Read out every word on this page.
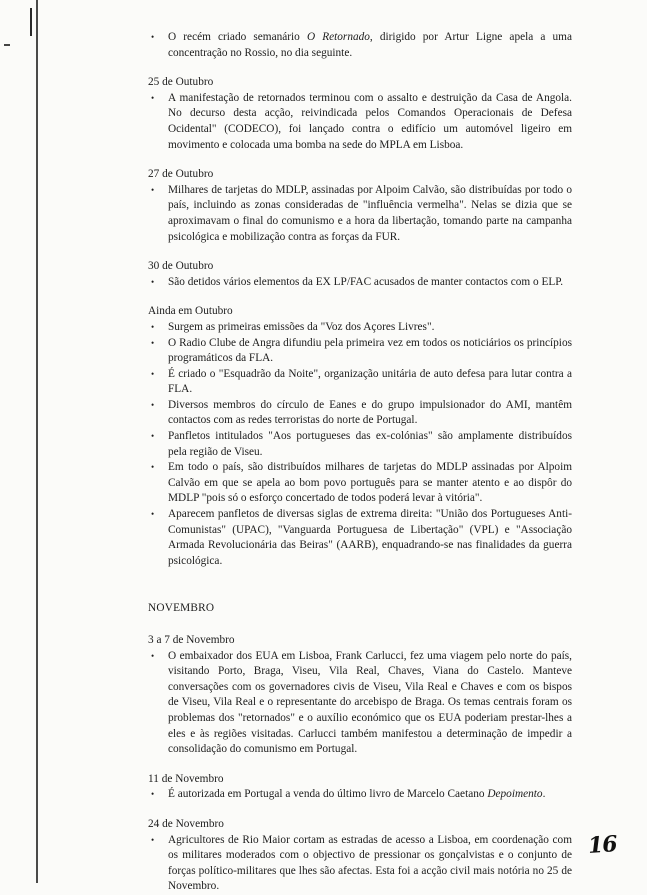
• O recém criado semanário O Retornado, dirigido por Artur Ligne apela a uma concentração no Rossio, no dia seguinte.

25 de Outubro

• A manifestação de retornados terminou com o assalto e destruição da Casa de Angola. No decurso desta acção, reivindicada pelos Comandos Operacionais de Defesa Ocidental" (CODECO), foi lançado contra o edifício um automóvel ligeiro em movimento e colocada uma bomba na sede do MPLA em Lisboa.

27 de Outubro

• Milhares de tarjetas do MDLP, assinadas por Alpoim Calvão, são distribuídas por todo o país, incluindo as zonas consideradas de "influência vermelha". Nelas se dizia que se aproximavam o final do comunismo e a hora da libertação, tomando parte na campanha psicológica e mobilização contra as forças da FUR.

30 de Outubro

• São detidos vários elementos da EX LP/FAC acusados de manter contactos com o ELP.

Ainda em Outubro

• Surgem as primeiras emissões da "Voz dos Açores Livres".
• O Radio Clube de Angra difundiu pela primeira vez em todos os noticiários os princípios programáticos da FLA.
• É criado o "Esquadrão da Noite", organização unitária de auto defesa para lutar contra a FLA.
• Diversos membros do círculo de Eanes e do grupo impulsionador do AMI, mantêm contactos com as redes terroristas do norte de Portugal.
• Panfletos intitulados "Aos portugueses das ex-colónias" são amplamente distribuídos pela região de Viseu.
• Em todo o país, são distribuídos milhares de tarjetas do MDLP assinadas por Alpoim Calvão em que se apela ao bom povo português para se manter atento e ao dispôr do MDLP "pois só o esforço concertado de todos poderá levar à vitória".
• Aparecem panfletos de diversas siglas de extrema direita: "União dos Portugueses Anti-Comunistas" (UPAC), "Vanguarda Portuguesa de Libertação" (VPL) e "Associação Armada Revolucionária das Beiras" (AARB), enquadrando-se nas finalidades da guerra psicológica.

NOVEMBRO

3 a 7 de Novembro

• O embaixador dos EUA em Lisboa, Frank Carlucci, fez uma viagem pelo norte do país, visitando Porto, Braga, Viseu, Vila Real, Chaves, Viana do Castelo. Manteve conversações com os governadores civis de Viseu, Vila Real e Chaves e com os bispos de Viseu, Vila Real e o representante do arcebispo de Braga. Os temas centrais foram os problemas dos "retornados" e o auxílio económico que os EUA poderiam prestar-lhes a eles e às regiões visitadas. Carlucci também manifestou a determinação de impedir a consolidação do comunismo em Portugal.

11 de Novembro

• É autorizada em Portugal a venda do último livro de Marcelo Caetano Depoimento.

24 de Novembro

• Agricultores de Rio Maior cortam as estradas de acesso a Lisboa, em coordenação com os militares moderados com o objectivo de pressionar os gonçalvistas e o conjunto de forças político-militares que lhes são afectas. Esta foi a acção civil mais notória no 25 de Novembro.
16
